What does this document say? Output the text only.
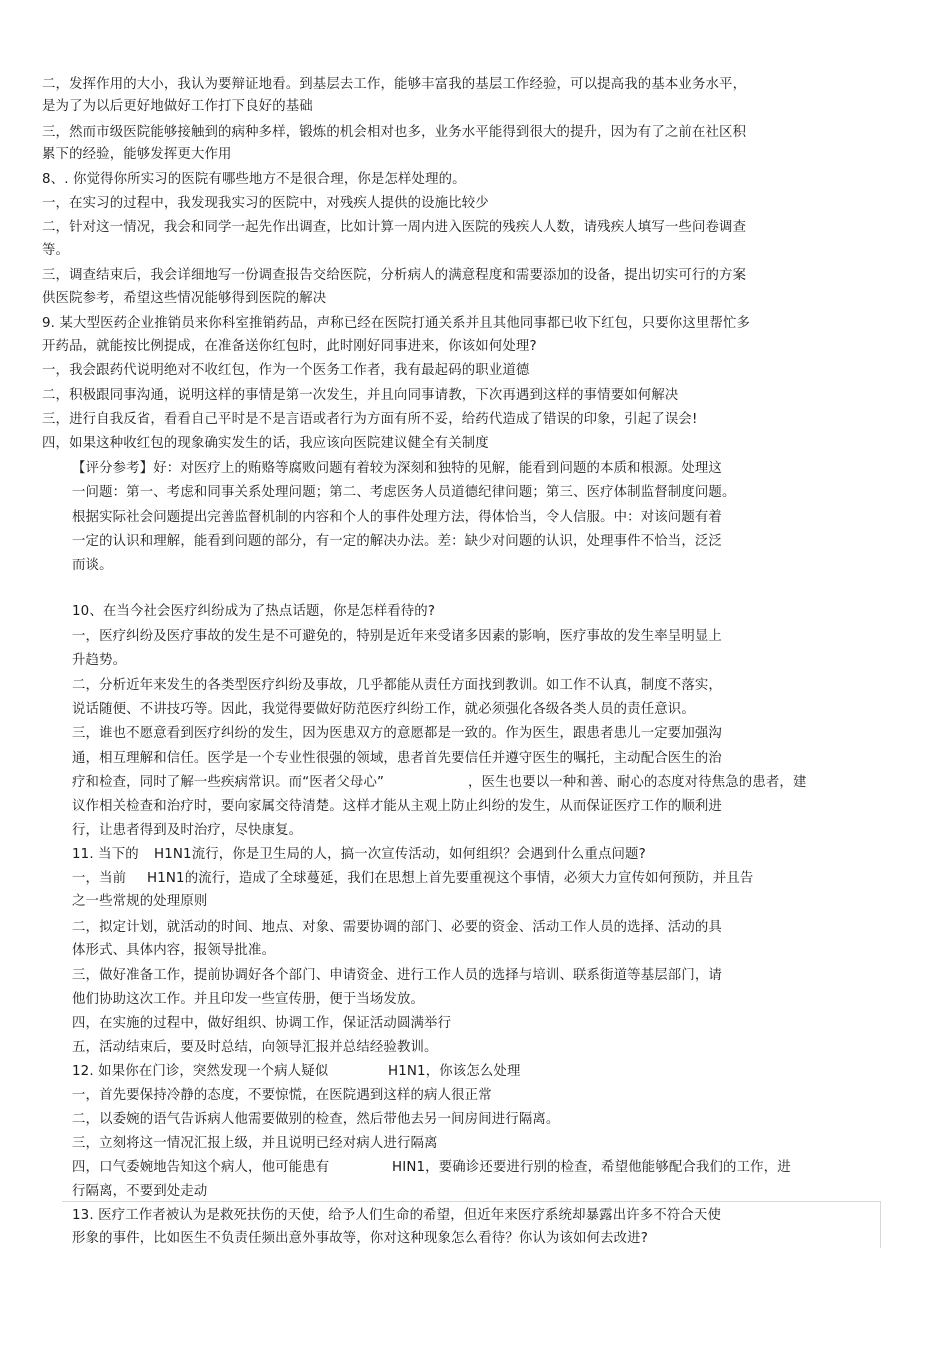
二，发挥作用的大小，我认为要辩证地看。到基层去工作，能够丰富我的基层工作经验，可以提高我的基本业务水平，
是为了为以后更好地做好工作打下良好的基础
三，然而市级医院能够接触到的病种多样，锻炼的机会相对也多，业务水平能得到很大的提升，因为有了之前在社区积
累下的经验，能够发挥更大作用
8、. 你觉得你所实习的医院有哪些地方不是很合理，你是怎样处理的。
一，在实习的过程中，我发现我实习的医院中，对残疾人提供的设施比较少
二，针对这一情况，我会和同学一起先作出调查，比如计算一周内进入医院的残疾人人数，请残疾人填写一些问卷调查
等。
三，调查结束后，我会详细地写一份调查报告交给医院，分析病人的满意程度和需要添加的设备，提出切实可行的方案
供医院参考，希望这些情况能够得到医院的解决
9. 某大型医药企业推销员来你科室推销药品，声称已经在医院打通关系并且其他同事都已收下红包，只要你这里帮忙多
开药品，就能按比例提成，在准备送你红包时，此时刚好同事进来，你该如何处理?
一，我会跟药代说明绝对不收红包，作为一个医务工作者，我有最起码的职业道德
二，积极跟同事沟通，说明这样的事情是第一次发生，并且向同事请教，下次再遇到这样的事情要如何解决
三，进行自我反省，看看自己平时是不是言语或者行为方面有所不妥，给药代造成了错误的印象，引起了误会!
四，如果这种收红包的现象确实发生的话，我应该向医院建议健全有关制度
【评分参考】好：对医疗上的贿赂等腐败问题有着较为深刻和独特的见解，能看到问题的本质和根源。处理这
一问题：第一、考虑和同事关系处理问题；第二、考虑医务人员道德纪律问题；第三、医疗体制监督制度问题。
根据实际社会问题提出完善监督机制的内容和个人的事件处理方法，得体恰当，令人信服。中：对该问题有着
一定的认识和理解，能看到问题的部分，有一定的解决办法。差：缺少对问题的认识，处理事件不恰当，泛泛
而谈。
10、在当今社会医疗纠纷成为了热点话题，你是怎样看待的?
一，医疗纠纷及医疗事故的发生是不可避免的，特别是近年来受诸多因素的影响，医疗事故的发生率呈明显上
升趋势。
二，分析近年来发生的各类型医疗纠纷及事故，几乎都能从责任方面找到教训。如工作不认真，制度不落实，
说话随便、不讲技巧等。因此，我觉得要做好防范医疗纠纷工作，就必须强化各级各类人员的责任意识。
三，谁也不愿意看到医疗纠纷的发生，因为医患双方的意愿都是一致的。作为医生，跟患者患儿一定要加强沟
通，相互理解和信任。医学是一个专业性很强的领域，患者首先要信任并遵守医生的嘱托，主动配合医生的治
疗和检查，同时了解一些疾病常识。而“医者父母心”	，医生也要以一种和善、耐心的态度对待焦急的患者，建
议作相关检查和治疗时，要向家属交待清楚。这样才能从主观上防止纠纷的发生，从而保证医疗工作的顺利进
行，让患者得到及时治疗，尽快康复。
11. 当下的 H1N1流行，你是卫生局的人，搞一次宣传活动，如何组织？会遇到什么重点问题?
一，当前 H1N1的流行，造成了全球蔓延，我们在思想上首先要重视这个事情，必须大力宣传如何预防，并且告
之一些常规的处理原则
二，拟定计划，就活动的时间、地点、对象、需要协调的部门、必要的资金、活动工作人员的选择、活动的具
体形式、具体内容，报领导批准。
三，做好准备工作，提前协调好各个部门、申请资金、进行工作人员的选择与培训、联系街道等基层部门，请
他们协助这次工作。并且印发一些宣传册，便于当场发放。
四，在实施的过程中，做好组织、协调工作，保证活动圆满举行
五，活动结束后，要及时总结，向领导汇报并总结经验教训。
12. 如果你在门诊，突然发现一个病人疑似	H1N1，你该怎么处理
一，首先要保持冷静的态度，不要惊慌，在医院遇到这样的病人很正常
二，以委婉的语气告诉病人他需要做别的检查，然后带他去另一间房间进行隔离。
三，立刻将这一情况汇报上级，并且说明已经对病人进行隔离
四，口气委婉地告知这个病人，他可能患有	HIN1，要确诊还要进行别的检查，希望他能够配合我们的工作，进
行隔离，不要到处走动
13. 医疗工作者被认为是救死扶伤的天使，给予人们生命的希望，但近年来医疗系统却暴露出许多不符合天使
形象的事件，比如医生不负责任频出意外事故等，你对这种现象怎么看待？你认为该如何去改进?
